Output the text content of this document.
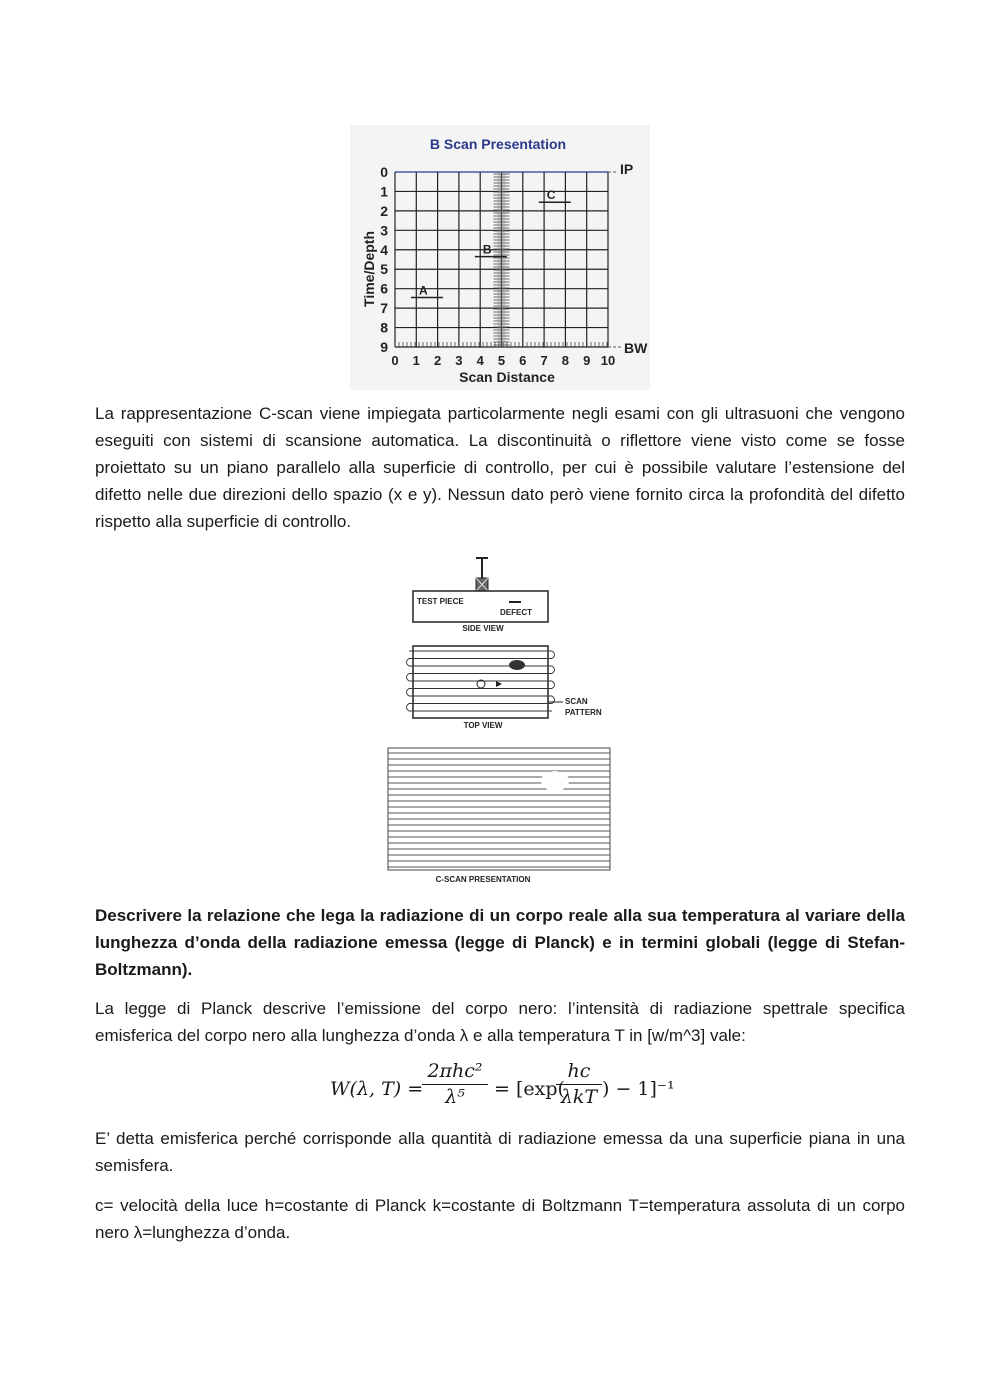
B Scan Presentation
Scan Distance
Time/Depth
IP
BW
0 1 2 3 4 5 6 7 8 9 10
0
1
2
3
4
5
6
7
8
9
A
B
C

La rappresentazione C-scan viene impiegata particolarmente negli esami con gli ultrasuoni che vengono eseguiti con sistemi di scansione automatica. La discontinuità o riflettore viene visto come se fosse proiettato su un piano parallelo alla superficie di controllo, per cui è possibile valutare l’estensione del difetto nelle due direzioni dello spazio (x e y). Nessun dato però viene fornito circa la profondità del difetto rispetto alla superficie di controllo.

TEST PIECE
DEFECT
SIDE VIEW
SCAN
PATTERN
TOP VIEW
C-SCAN PRESENTATION

Descrivere la relazione che lega la radiazione di un corpo reale alla sua temperatura al variare della lunghezza d’onda della radiazione emessa (legge di Planck) e in termini globali (legge di Stefan-Boltzmann).

La legge di Planck descrive l’emissione del corpo nero: l’intensità di radiazione spettrale specifica emisferica del corpo nero alla lunghezza d’onda λ e alla temperatura T in [w/m^3] vale:

W(λ, T) =
2πhc²
λ⁵	= [exp(
hc
λkT ) − 1]⁻¹

E’ detta emisferica perché corrisponde alla quantità di radiazione emessa da una superficie piana in una semisfera.

c= velocità della luce h=costante di Planck k=costante di Boltzmann T=temperatura assoluta di un corpo nero λ=lunghezza d’onda.
